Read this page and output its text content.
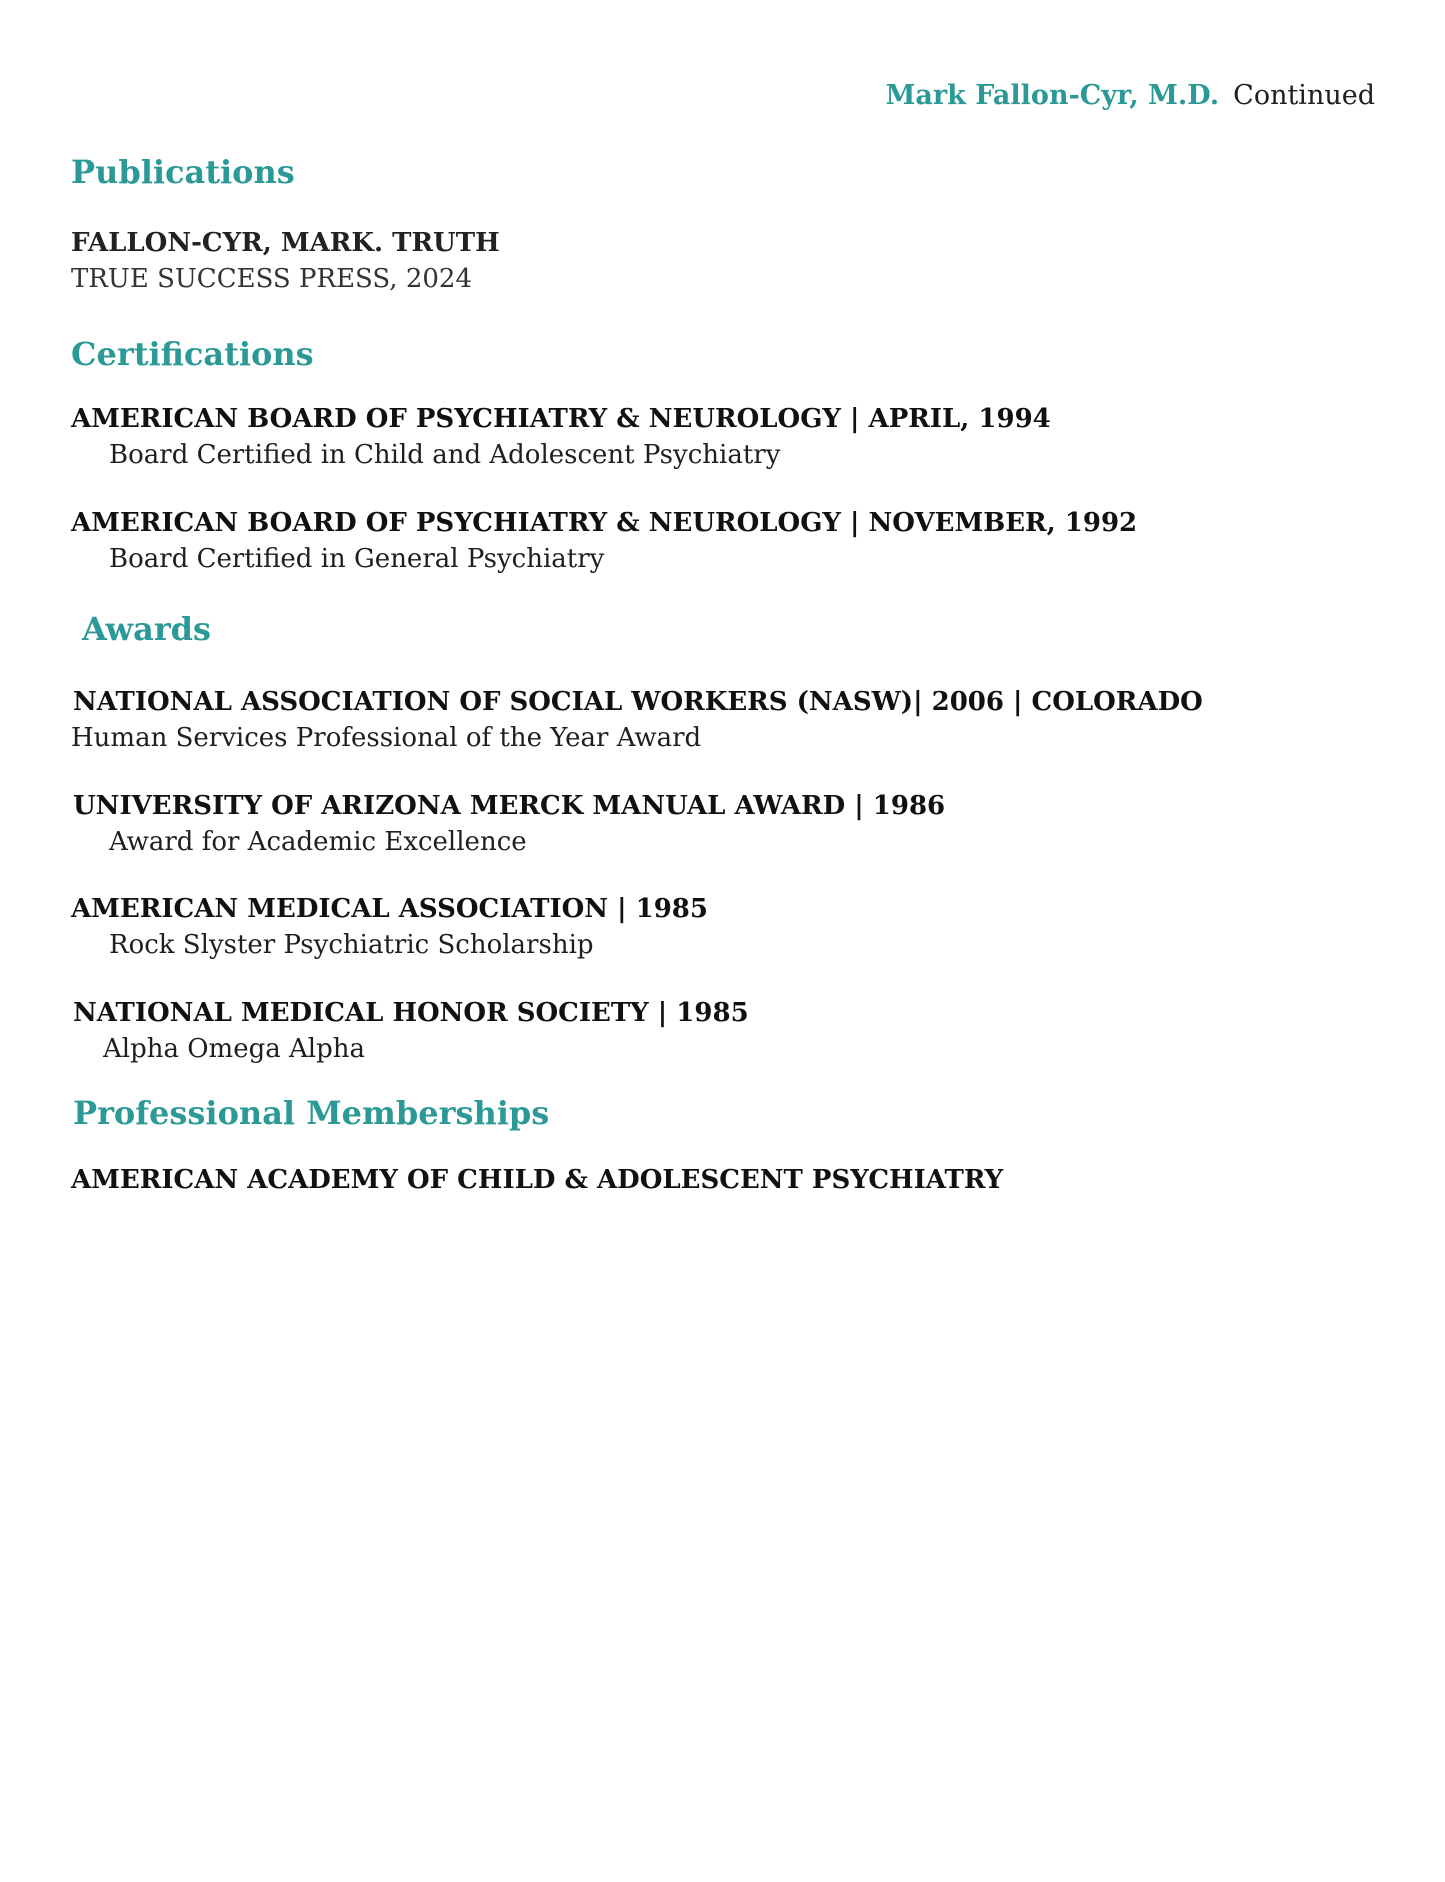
Mark Fallon-Cyr, M.D. Continued
Publications
FALLON-CYR, MARK. TRUTH
TRUE SUCCESS PRESS, 2024
Certifications
AMERICAN BOARD OF PSYCHIATRY & NEUROLOGY | APRIL, 1994
Board Certified in Child and Adolescent Psychiatry
AMERICAN BOARD OF PSYCHIATRY & NEUROLOGY | NOVEMBER, 1992
Board Certified in General Psychiatry
Awards
NATIONAL ASSOCIATION OF SOCIAL WORKERS (NASW)| 2006 | COLORADO
Human Services Professional of the Year Award
UNIVERSITY OF ARIZONA MERCK MANUAL AWARD | 1986
Award for Academic Excellence
AMERICAN MEDICAL ASSOCIATION | 1985
Rock Slyster Psychiatric Scholarship
NATIONAL MEDICAL HONOR SOCIETY | 1985
Alpha Omega Alpha
Professional Memberships
AMERICAN ACADEMY OF CHILD & ADOLESCENT PSYCHIATRY
